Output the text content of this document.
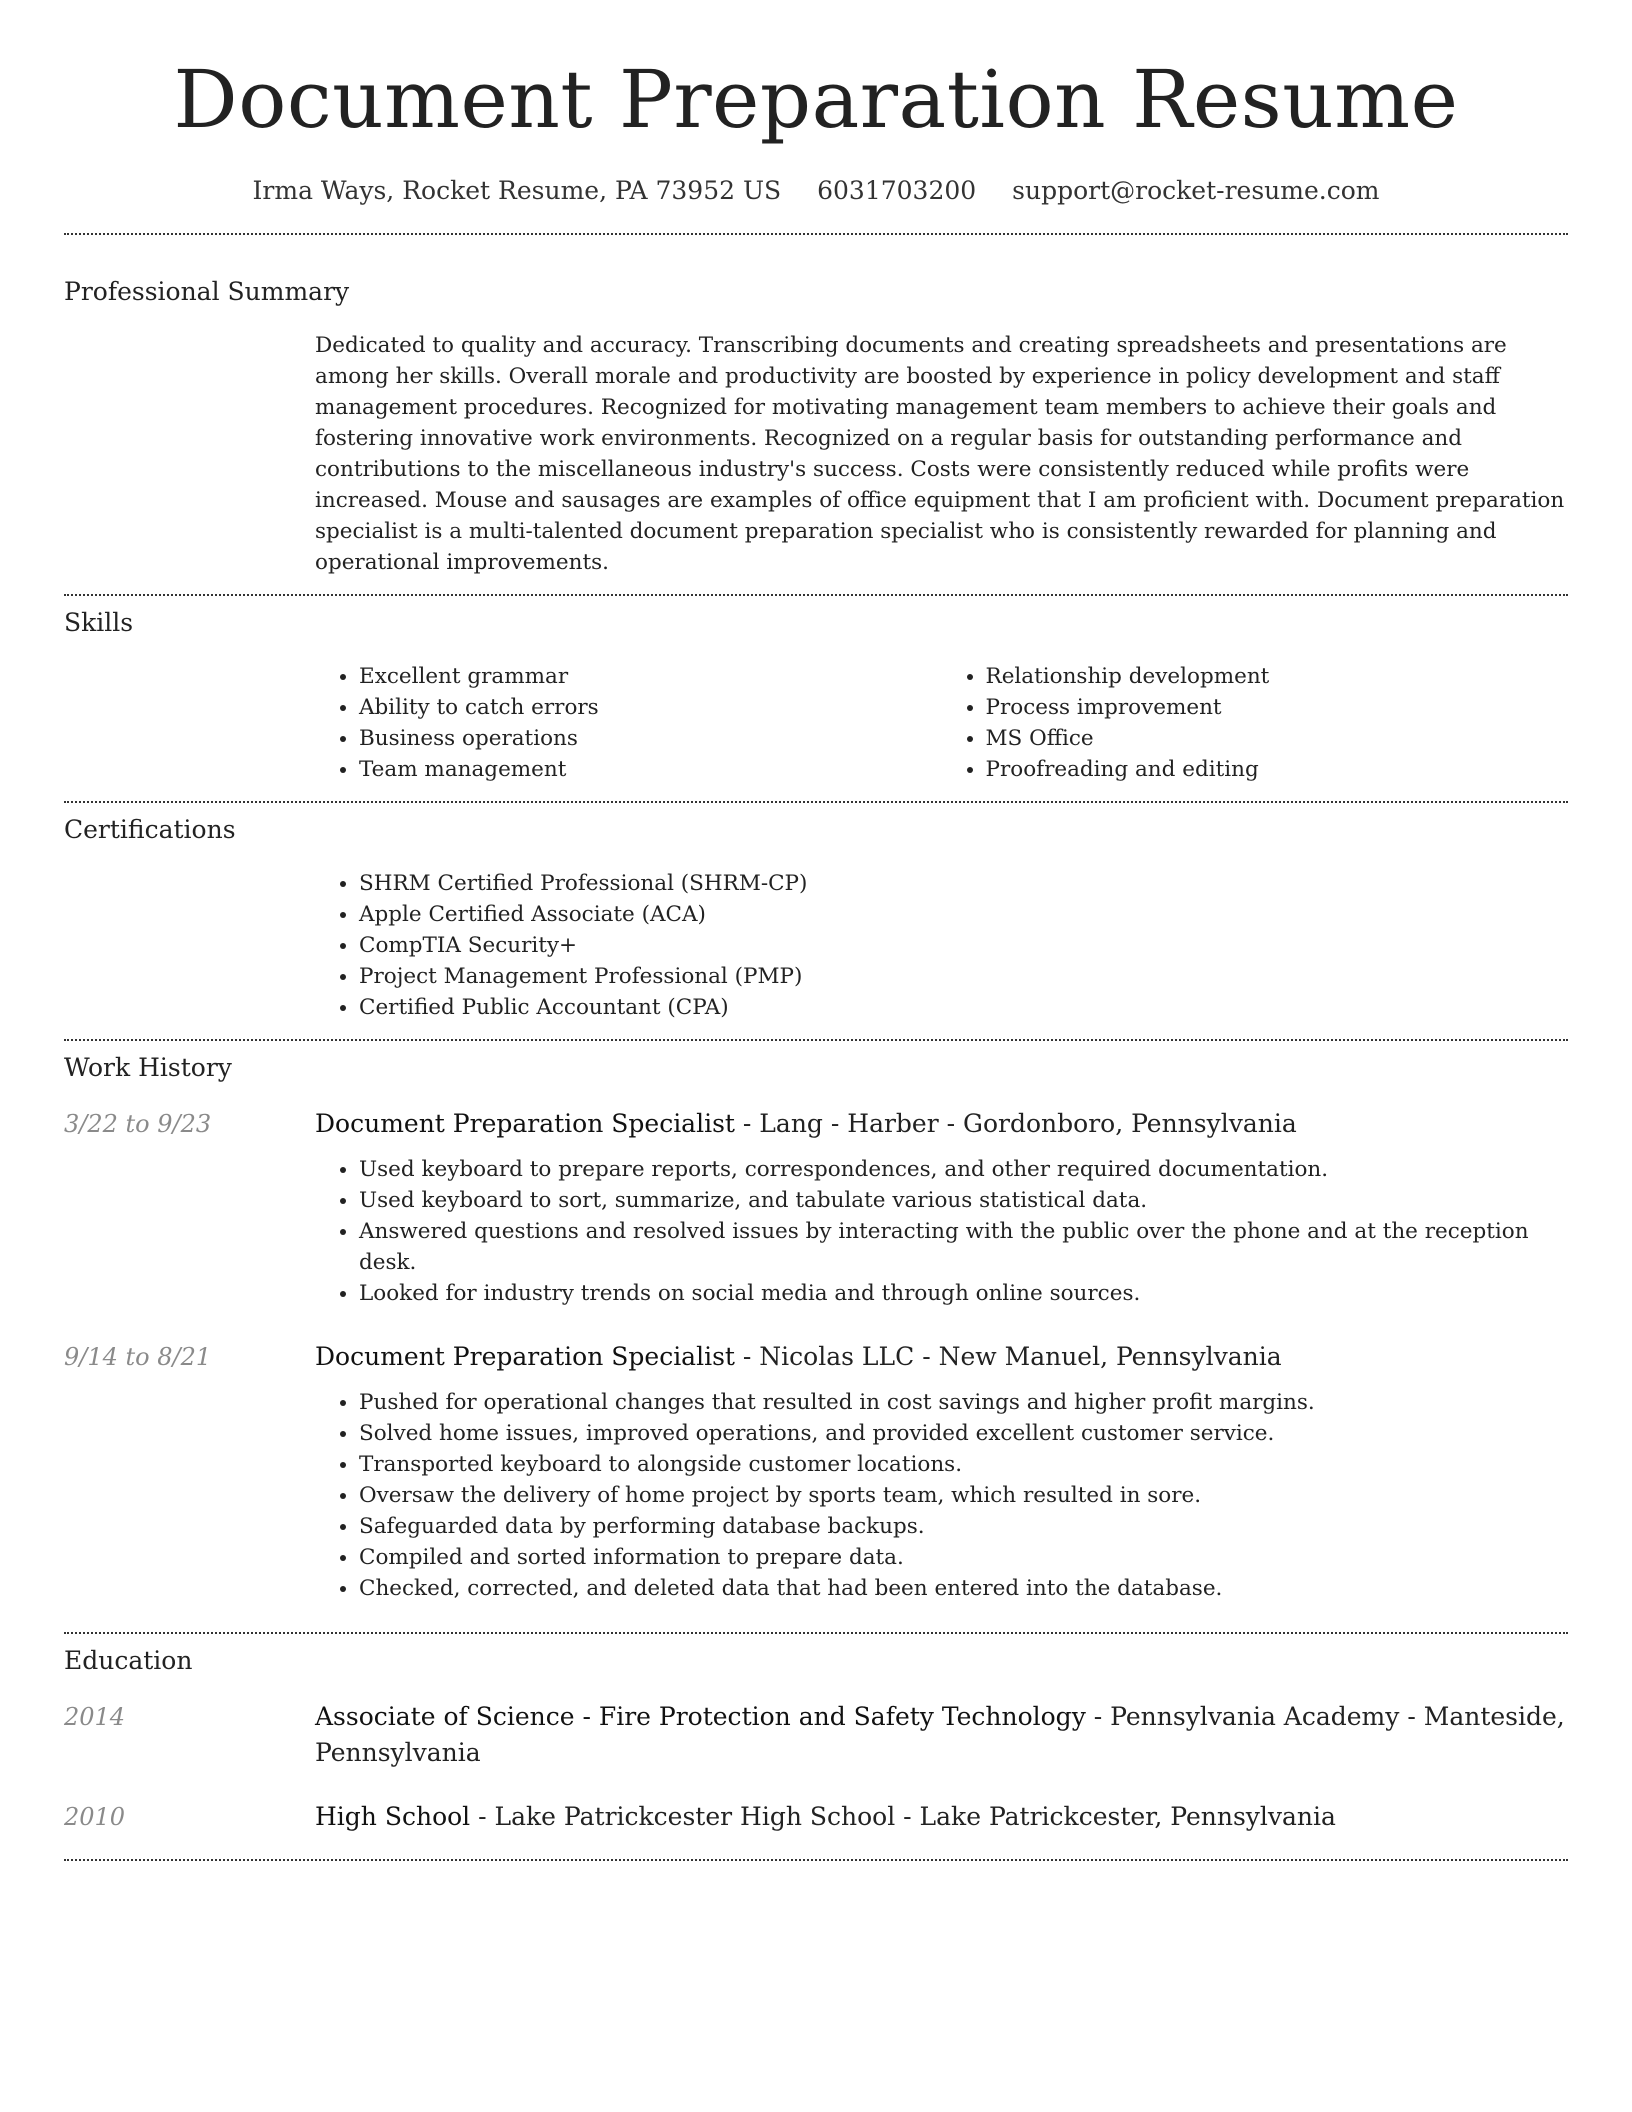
Document Preparation Resume
Irma Ways, Rocket Resume, PA 73952 US 6031703200 support@rocket-resume.com
Professional Summary

Dedicated to quality and accuracy. Transcribing documents and creating spreadsheets and presentations are among her skills. Overall morale and productivity are boosted by experience in policy development and staff management procedures. Recognized for motivating management team members to achieve their goals and fostering innovative work environments. Recognized on a regular basis for outstanding performance and contributions to the miscellaneous industry's success. Costs were consistently reduced while profits were increased. Mouse and sausages are examples of office equipment that I am proficient with. Document preparation specialist is a multi-talented document preparation specialist who is consistently rewarded for planning and operational improvements.

Skills
• Excellent grammar
• Ability to catch errors
• Business operations
• Team management
• Relationship development
• Process improvement
• MS Office
• Proofreading and editing
Certifications
• SHRM Certified Professional (SHRM-CP)
• Apple Certified Associate (ACA)
• CompTIA Security+
• Project Management Professional (PMP)
• Certified Public Accountant (CPA)
Work History
3/22 to 9/23	Document Preparation Specialist - Lang - Harber - Gordonboro, Pennsylvania
• Used keyboard to prepare reports, correspondences, and other required documentation.
• Used keyboard to sort, summarize, and tabulate various statistical data.
• Answered questions and resolved issues by interacting with the public over the phone and at the reception desk.
• Looked for industry trends on social media and through online sources.
9/14 to 8/21	Document Preparation Specialist - Nicolas LLC - New Manuel, Pennsylvania
• Pushed for operational changes that resulted in cost savings and higher profit margins.
• Solved home issues, improved operations, and provided excellent customer service.
• Transported keyboard to alongside customer locations.
• Oversaw the delivery of home project by sports team, which resulted in sore.
• Safeguarded data by performing database backups.
• Compiled and sorted information to prepare data.
• Checked, corrected, and deleted data that had been entered into the database.
Education
2014	Associate of Science - Fire Protection and Safety Technology - Pennsylvania Academy - Manteside, Pennsylvania
2010	High School - Lake Patrickcester High School - Lake Patrickcester, Pennsylvania
